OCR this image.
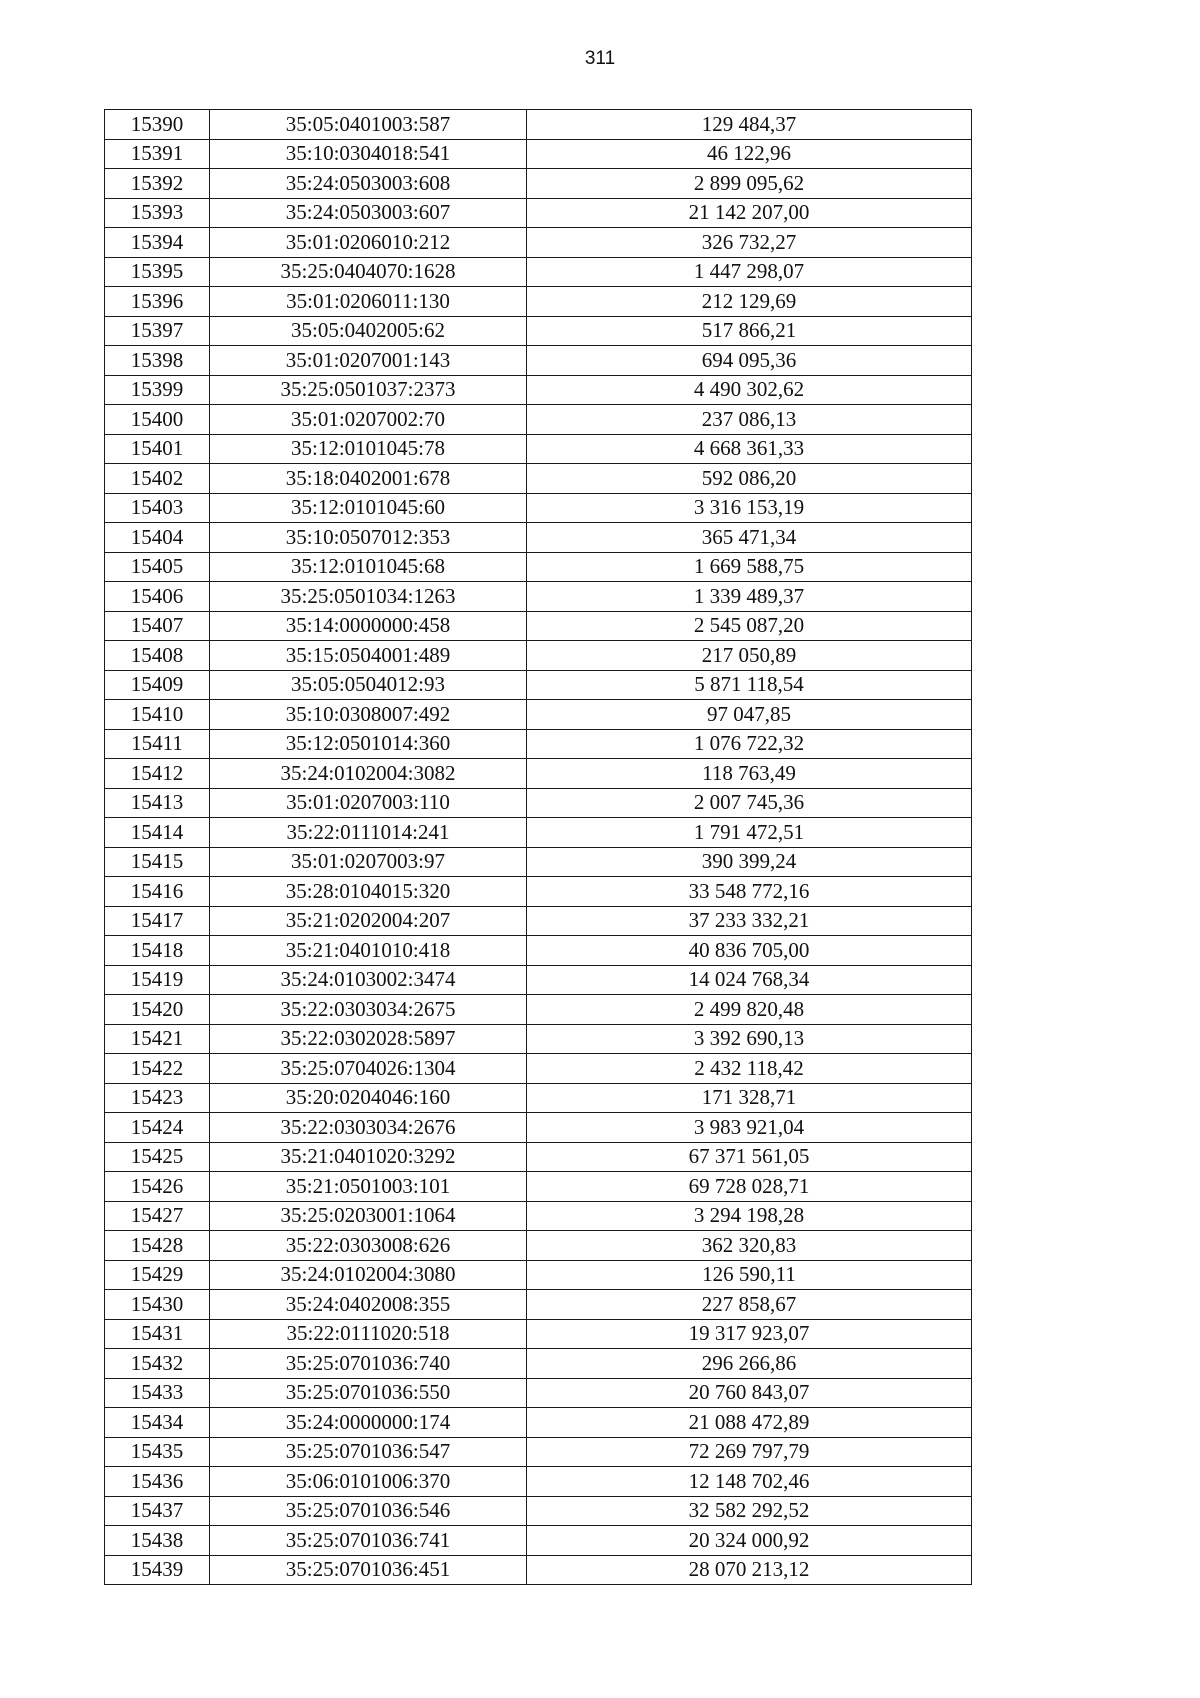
311
15390	35:05:0401003:587	129 484,37
15391	35:10:0304018:541	46 122,96
15392	35:24:0503003:608	2 899 095,62
15393	35:24:0503003:607	21 142 207,00
15394	35:01:0206010:212	326 732,27
15395	35:25:0404070:1628	1 447 298,07
15396	35:01:0206011:130	212 129,69
15397	35:05:0402005:62	517 866,21
15398	35:01:0207001:143	694 095,36
15399	35:25:0501037:2373	4 490 302,62
15400	35:01:0207002:70	237 086,13
15401	35:12:0101045:78	4 668 361,33
15402	35:18:0402001:678	592 086,20
15403	35:12:0101045:60	3 316 153,19
15404	35:10:0507012:353	365 471,34
15405	35:12:0101045:68	1 669 588,75
15406	35:25:0501034:1263	1 339 489,37
15407	35:14:0000000:458	2 545 087,20
15408	35:15:0504001:489	217 050,89
15409	35:05:0504012:93	5 871 118,54
15410	35:10:0308007:492	97 047,85
15411	35:12:0501014:360	1 076 722,32
15412	35:24:0102004:3082	118 763,49
15413	35:01:0207003:110	2 007 745,36
15414	35:22:0111014:241	1 791 472,51
15415	35:01:0207003:97	390 399,24
15416	35:28:0104015:320	33 548 772,16
15417	35:21:0202004:207	37 233 332,21
15418	35:21:0401010:418	40 836 705,00
15419	35:24:0103002:3474	14 024 768,34
15420	35:22:0303034:2675	2 499 820,48
15421	35:22:0302028:5897	3 392 690,13
15422	35:25:0704026:1304	2 432 118,42
15423	35:20:0204046:160	171 328,71
15424	35:22:0303034:2676	3 983 921,04
15425	35:21:0401020:3292	67 371 561,05
15426	35:21:0501003:101	69 728 028,71
15427	35:25:0203001:1064	3 294 198,28
15428	35:22:0303008:626	362 320,83
15429	35:24:0102004:3080	126 590,11
15430	35:24:0402008:355	227 858,67
15431	35:22:0111020:518	19 317 923,07
15432	35:25:0701036:740	296 266,86
15433	35:25:0701036:550	20 760 843,07
15434	35:24:0000000:174	21 088 472,89
15435	35:25:0701036:547	72 269 797,79
15436	35:06:0101006:370	12 148 702,46
15437	35:25:0701036:546	32 582 292,52
15438	35:25:0701036:741	20 324 000,92
15439	35:25:0701036:451	28 070 213,12
